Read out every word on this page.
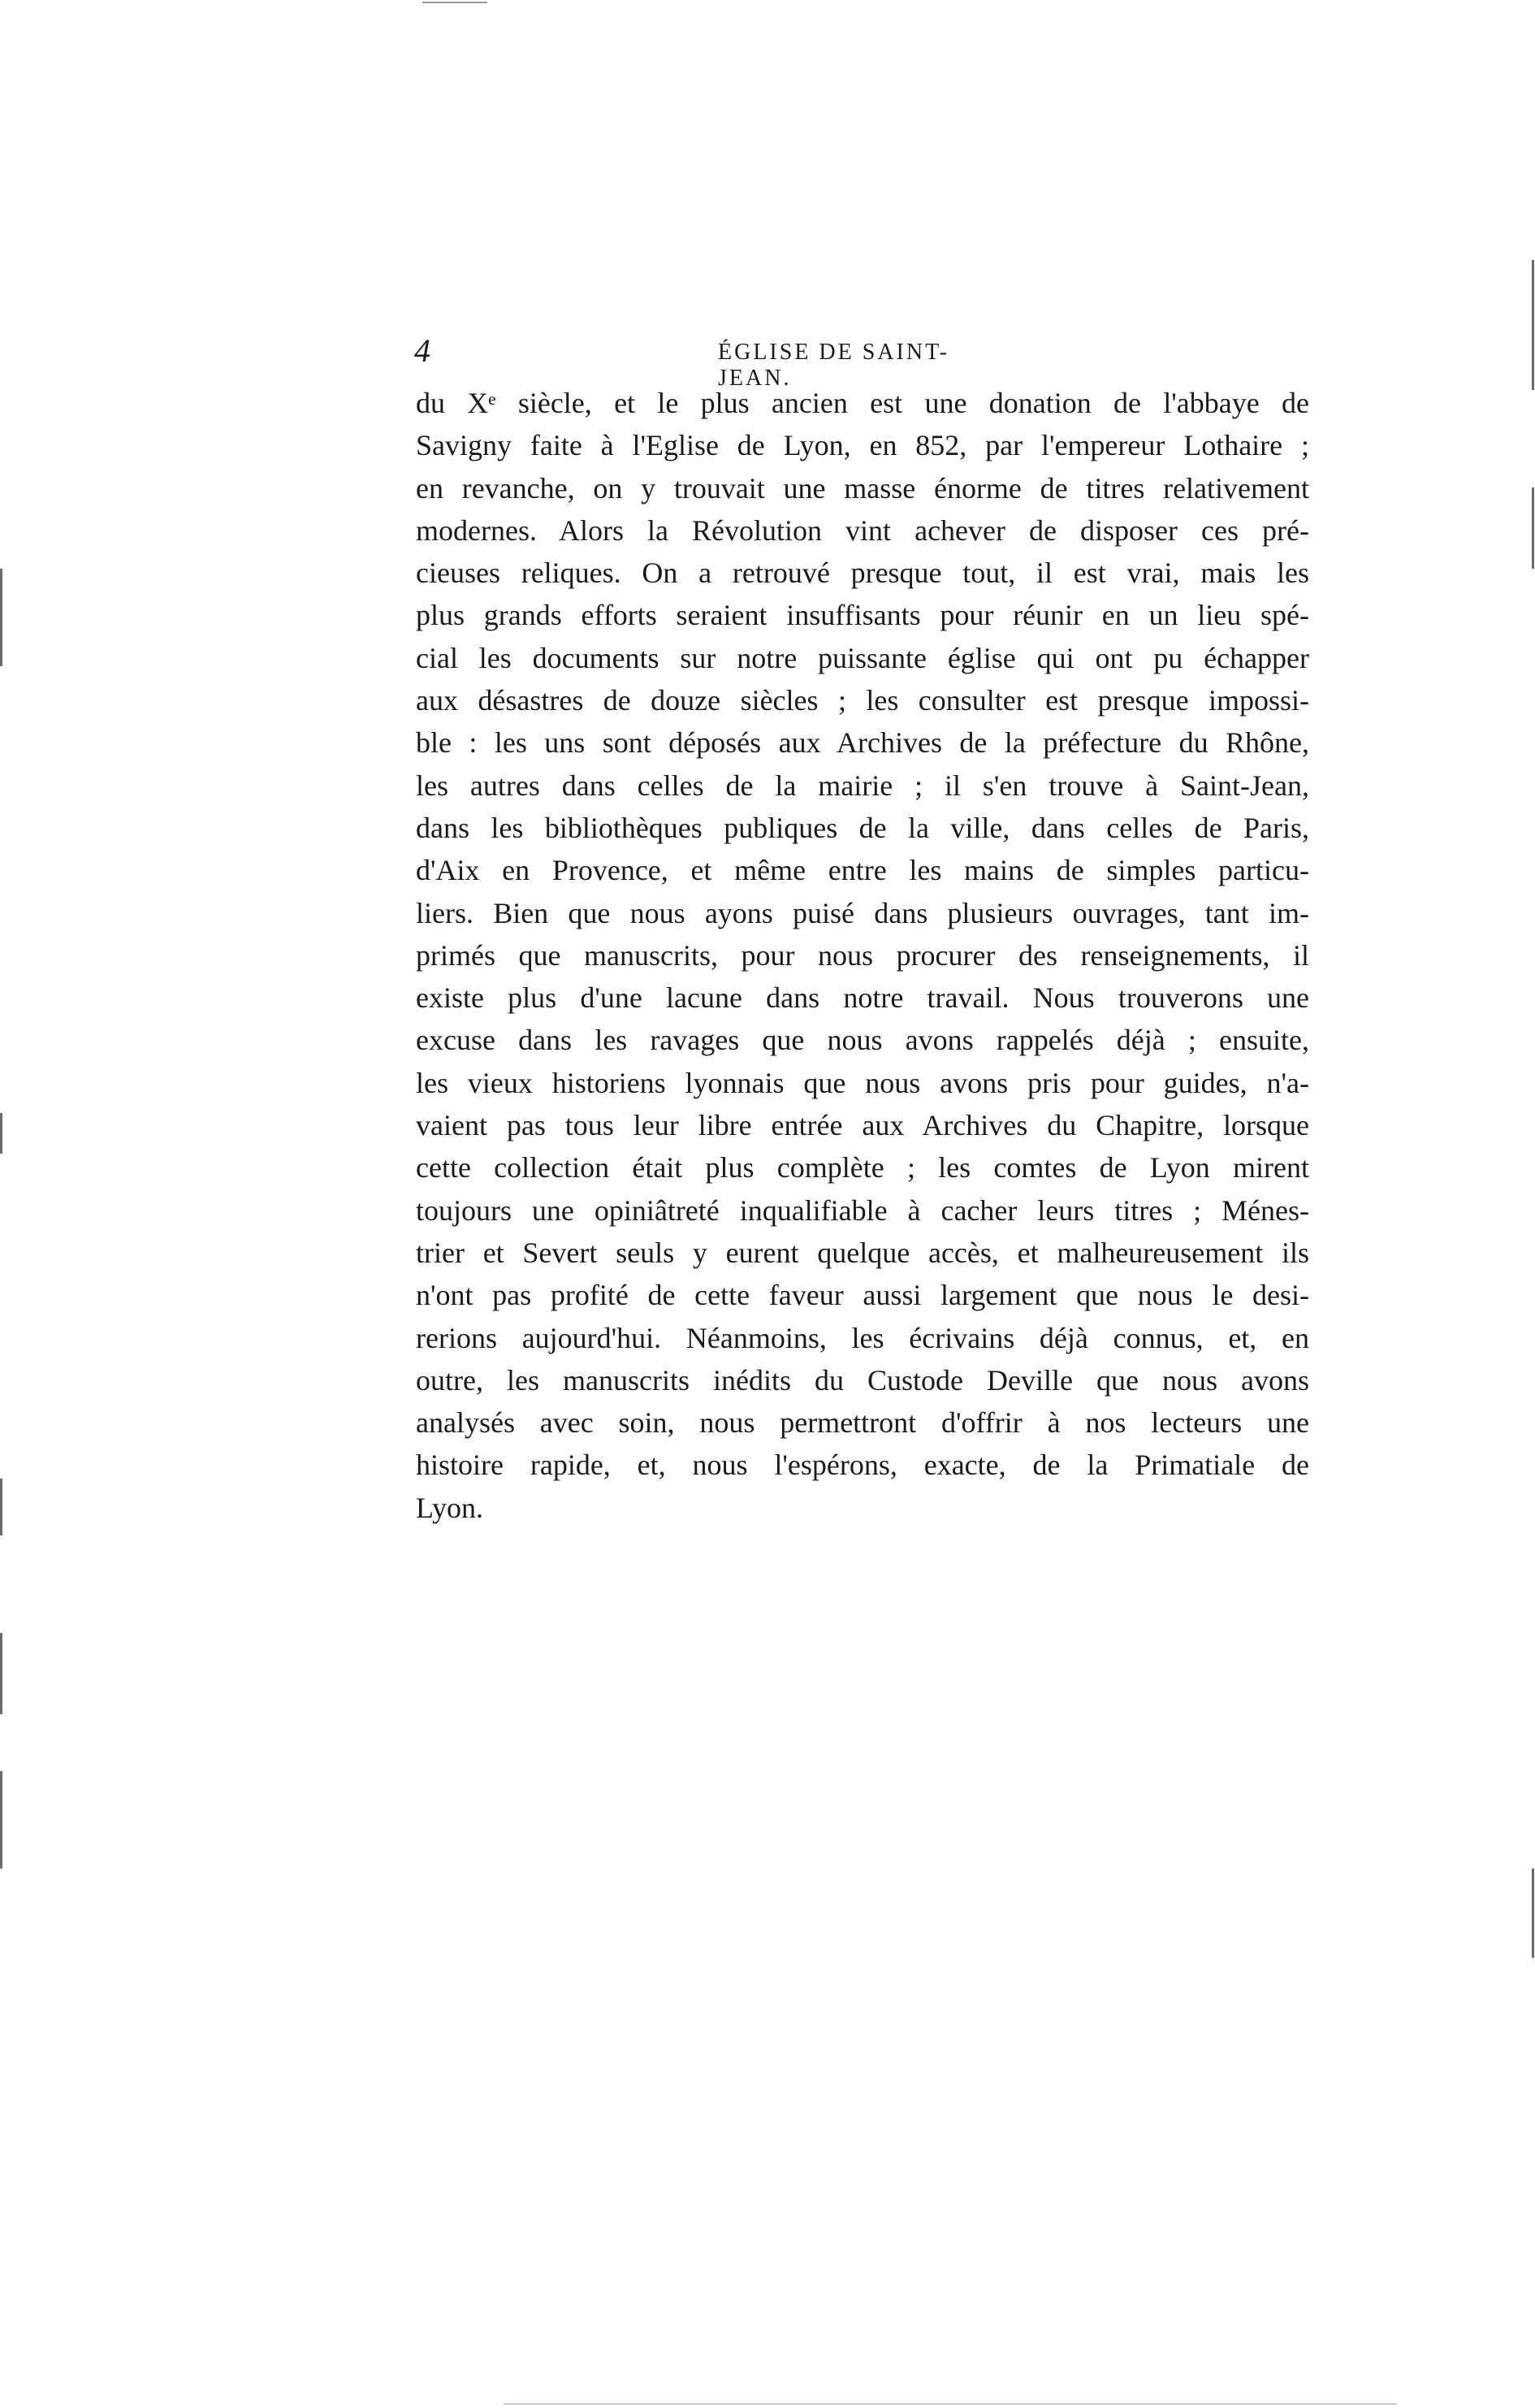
4	ÉGLISE DE SAINT-JEAN.
du Xᵉ siècle, et le plus ancien est une donation de l'abbaye de
Savigny faite à l'Eglise de Lyon, en 852, par l'empereur Lothaire ;
en revanche, on y trouvait une masse énorme de titres relativement
modernes. Alors la Révolution vint achever de disposer ces pré-
cieuses reliques. On a retrouvé presque tout, il est vrai, mais les
plus grands efforts seraient insuffisants pour réunir en un lieu spé-
cial les documents sur notre puissante église qui ont pu échapper
aux désastres de douze siècles ; les consulter est presque impossi-
ble : les uns sont déposés aux Archives de la préfecture du Rhône,
les autres dans celles de la mairie ; il s'en trouve à Saint-Jean,
dans les bibliothèques publiques de la ville, dans celles de Paris,
d'Aix en Provence, et même entre les mains de simples particu-
liers. Bien que nous ayons puisé dans plusieurs ouvrages, tant im-
primés que manuscrits, pour nous procurer des renseignements, il
existe plus d'une lacune dans notre travail. Nous trouverons une
excuse dans les ravages que nous avons rappelés déjà ; ensuite,
les vieux historiens lyonnais que nous avons pris pour guides, n'a-
vaient pas tous leur libre entrée aux Archives du Chapitre, lorsque
cette collection était plus complète ; les comtes de Lyon mirent
toujours une opiniâtreté inqualifiable à cacher leurs titres ; Ménes-
trier et Severt seuls y eurent quelque accès, et malheureusement ils
n'ont pas profité de cette faveur aussi largement que nous le desi-
rerions aujourd'hui. Néanmoins, les écrivains déjà connus, et, en
outre, les manuscrits inédits du Custode Deville que nous avons
analysés avec soin, nous permettront d'offrir à nos lecteurs une
histoire rapide, et, nous l'espérons, exacte, de la Primatiale de
Lyon.
